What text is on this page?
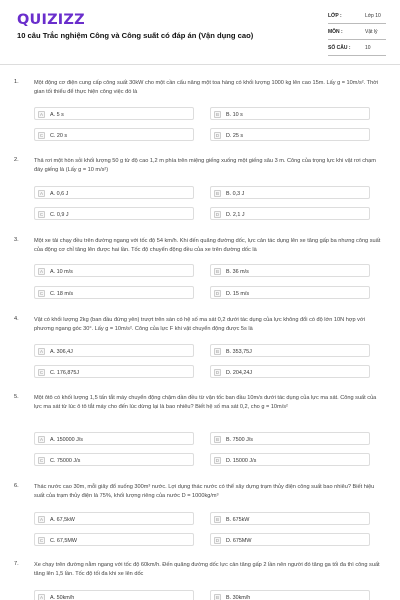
QUIZIZZ
10 câu Trắc nghiệm Công và Công suất có đáp án (Vận dụng cao)
LỚP :	Lớp 10
MÔN :	Vật lý
SỐ CÂU :	10
1.	Một động cơ điện cung cấp công suất 30kW cho một cần cẩu nâng một toa hàng có khối lượng 1000 kg lên cao 15m. Lấy g = 10m/s². Thời gian tối thiểu để thực hiện công việc đó là
A	A. 5 s	B	B. 10 s
C	C. 20 s	D	D. 25 s
2.	Thả rơi một hòn sỏi khối lượng 50 g từ độ cao 1,2 m phía trên miệng giếng xuống một giếng sâu 3 m. Công của trọng lực khi vật rơi chạm đáy giếng là (Lấy g = 10 m/s²)
A	A. 0,6 J	B	B. 0,3 J
C	C. 0,9 J	D	D. 2,1 J
3.	Một xe tải chạy đều trên đường ngang với tốc độ 54 km/h. Khi đến quãng đường dốc, lực cản tác dụng lên xe tăng gấp ba nhưng công suất của động cơ chỉ tăng lên được hai lần. Tốc độ chuyển động đều của xe trên đường dốc là
A	A. 10 m/s	B	B. 36 m/s
C	C. 18 m/s	D	D. 15 m/s
4.	Vật có khối lượng 2kg (ban đầu đứng yên) trượt trên sàn có hệ số ma sát 0,2 dưới tác dụng của lực không đổi có độ lớn 10N hợp với phương ngang góc 30°. Lấy g = 10m/s². Công của lực F khi vật chuyển động được 5s là
A	A. 306,4J	B	B. 353,75J
C	C. 176,875J	D	D. 204,24J
5.	Một ôtô có khối lượng 1,5 tấn tắt máy chuyển động chậm dần đều từ vận tốc ban đầu 10m/s dưới tác dụng của lực ma sát. Công suất của lực ma sát từ lúc ô tô tắt máy cho đến lúc dừng lại là bao nhiêu? Biết hệ số ma sát 0,2, cho g = 10m/s²
A	A. 150000 J/s	B	B. 7500 J/s
C	C. 75000 J/s	D	D. 15000 J/s
6.	Thác nước cao 30m, mỗi giây đổ xuống 300m³ nước. Lợi dụng thác nước có thể xây dựng trạm thủy điện công suất bao nhiêu? Biết hiệu suất của trạm thủy điện là 75%, khối lượng riêng của nước D = 1000kg/m³
A	A. 67,5kW	B	B. 675kW
C	C. 67,5MW	D	D. 675MW
7.	Xe chạy trên đường nằm ngang với tốc độ 60km/h. Đến quãng đường dốc lực cản tăng gấp 2 lần nên người đó tăng ga tối đa thì công suất tăng lên 1,5 lần. Tốc độ tối đa khi xe lên dốc
A	A. 50km/h	B	B. 30km/h
